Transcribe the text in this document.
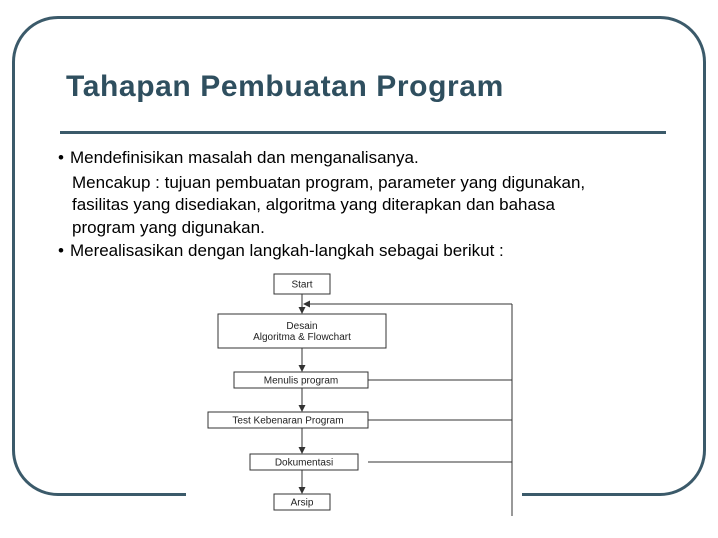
Tahapan Pembuatan Program
• Mendefinisikan masalah dan menganalisanya.
Mencakup : tujuan pembuatan program, parameter yang digunakan,
fasilitas yang disediakan, algoritma yang diterapkan dan bahasa
program yang digunakan.
• Merealisasikan dengan langkah-langkah sebagai berikut :
Start
Desain
Algoritma & Flowchart
Menulis program
Test Kebenaran Program
Dokumentasi
Arsip
